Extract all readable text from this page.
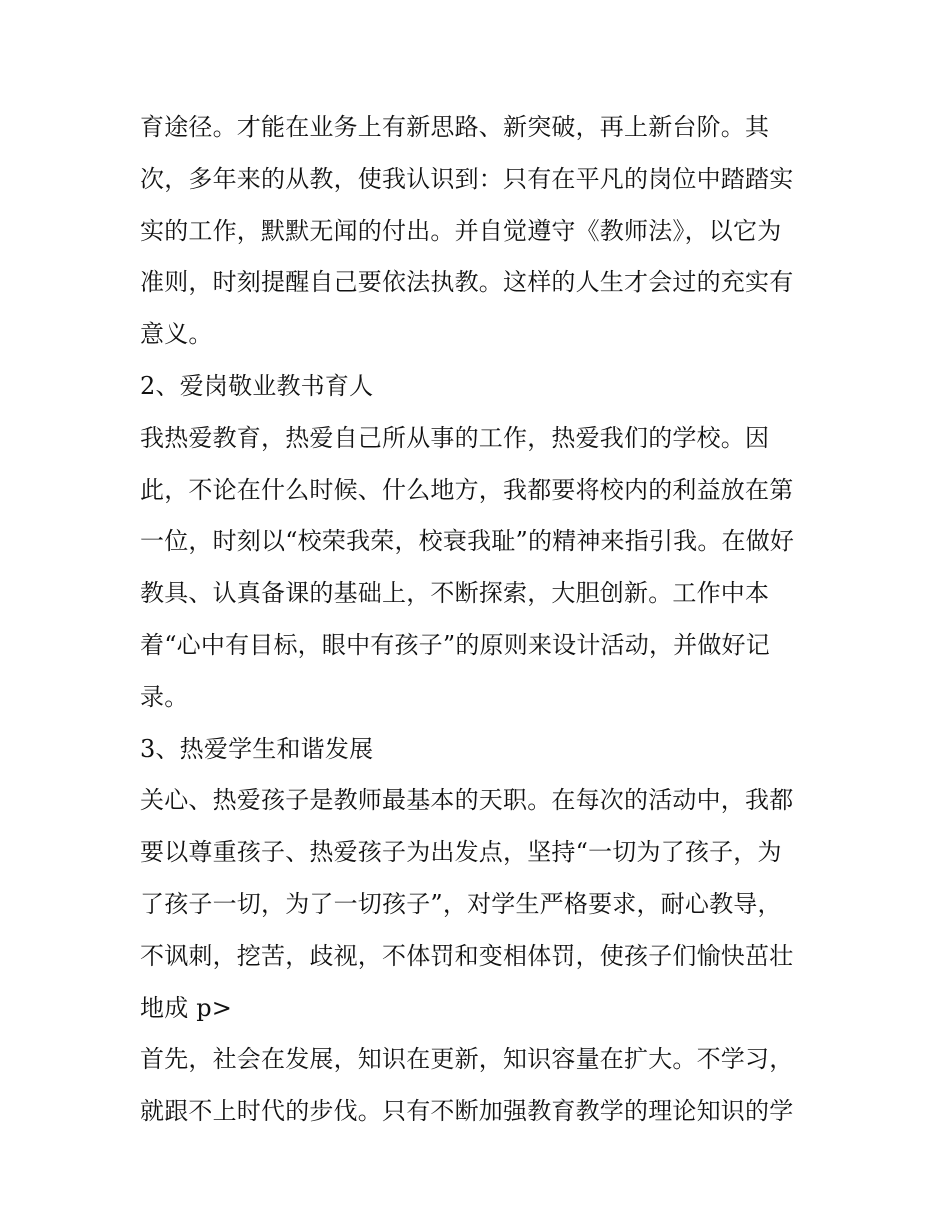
育途径。才能在业务上有新思路、新突破，再上新台阶。其
次，多年来的从教，使我认识到：只有在平凡的岗位中踏踏实
实的工作，默默无闻的付出。并自觉遵守《教师法》，以它为
准则，时刻提醒自己要依法执教。这样的人生才会过的充实有
意义。
2、爱岗敬业教书育人
我热爱教育，热爱自己所从事的工作，热爱我们的学校。因
此，不论在什么时候、什么地方，我都要将校内的利益放在第
一位，时刻以“校荣我荣，校衰我耻”的精神来指引我。在做好
教具、认真备课的基础上，不断探索，大胆创新。工作中本
着“心中有目标，眼中有孩子”的原则来设计活动，并做好记
录。
3、热爱学生和谐发展
关心、热爱孩子是教师最基本的天职。在每次的活动中，我都
要以尊重孩子、热爱孩子为出发点，坚持“一切为了孩子，为
了孩子一切，为了一切孩子”，对学生严格要求，耐心教导，
不讽刺，挖苦，歧视，不体罚和变相体罚，使孩子们愉快茁壮
地成 p>
首先，社会在发展，知识在更新，知识容量在扩大。不学习，
就跟不上时代的步伐。只有不断加强教育教学的理论知识的学
